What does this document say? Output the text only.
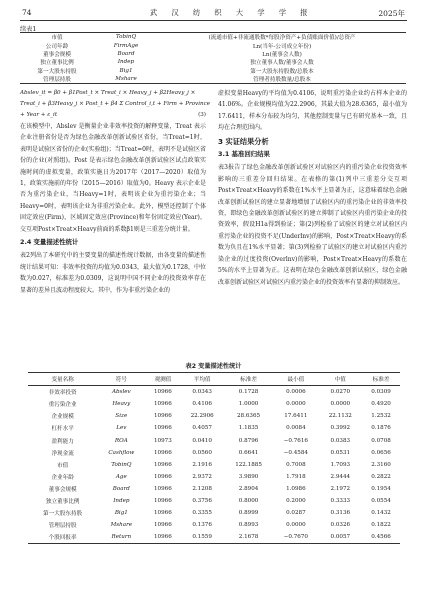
74	武 汉 纺 织 大 学 学 报	2025年
续表1
市值	TobinQ	(流通市值+非流通股数*每股净资产+负债账面价值)/总资产
公司年龄	FirmAge	Ln(当年-公司成立年份)
董事会规模	Board	Ln(董事会人数)
独立董事比例	Indep	独立董事人数/董事会人数
第一大股东持股	Big1	第一大股东持股数/总股本
管理层持股	Mshare	管理者持股数量/总股本
Abslev_it = β0 + β1Post_t × Treat_i × Heavy_j + β2Heavy_j ×
Treat_i + β3Heavy_j × Post_t + β4 Σ Control_i,t + Firm + Province
+ Year + ε_it	(3)

在该模型中，Abslev 是衡量企业非效率投资的解释变量，Treat 表示企业注册省份是否为绿色金融改革创新试验区省份，当Treat=1时，表明是试验区省份的企业(实验组)；当Treat=0时，表明不是试验区省份的企业(对照组)。Post 是表示绿色金融改革创新试验区试点政策实施时间的虚拟变量，政策实施日为2017年（2017—2020）取值为1，政策实施前的年份（2015—2016）取值为0。Heavy 表示企业是否为重污染企业，当Heavy=1时，表明该企业为重污染企业；当Heavy=0时，表明该企业为非重污染企业。此外，模型还控制了个体固定效应(Firm)，区域固定效应(Province)和年份固定效应(Year)，交互项Post×Treat×Heavy前面的系数β1则是三重差分统计量。

2.4 变量描述性统计

表2列出了本研究中的主要变量的描述性统计数据，由各变量的描述性统计结果可知：非效率投资的均值为0.0343，最大值为0.1728，中位数为0.027，标准差为0.0309，这说明中国不同企业的投资效率存在显著的差异且波动程度较大。其中，作为非重污染企业的

虚拟变量Heavy的平均值为0.4106，说明重污染企业约占样本企业的41.06%。企业规模均值为22.2906，其最大值为28.6365，最小值为17.6411，样本分布较为均匀，其他控制变量与已有研究基本一致，且均在合理范围内。

3 实证结果分析
3.1 基准回归结果

表3报告了绿色金融改革创新试验区对试验区内的重污染企业投资效率影响的三重差分回归结果。在表格的第(1)列中三重差分交互项Post×Treat×Heavy的系数在1%水平上显著为正，这意味着绿色金融改革创新试验区的建立显著地增加了试验区内的重污染企业的非效率投资，即绿色金融改革创新试验区的建立抑制了试验区内重污染企业的投资效率，假设H1a得到验证；第(2)列检验了试验区的建立对试验区内重污染企业的投资不足(Underlnv)的影响，Post×Treat×Heavy的系数为负且在1%水平显著；第(3)列检验了试验区的建立对试验区内重污染企业的过度投资(Overlnv)的影响，Post×Treat×Heavy的系数在5%的水平上显著为正。这表明在绿色金融改革创新试验区，绿色金融改革创新试验区对试验区内重污染企业的投资效率有显著的抑制效应。

表2 变量描述性统计
变量名称	符号	观测值	平均值	标准差	最小值	中值	标准差
非效率投资	Abslev	10966	0.0343	0.1728	0.0006	0.0270	0.0309
重污染企业	Heavy	10966	0.4106	1.0000	0.0000	0.0000	0.4920
企业规模	Size	10966	22.2906	28.6365	17.6411	22.1132	1.2532
杠杆水平	Lev	10966	0.4057	1.1835	0.0084	0.3992	0.1876
盈利能力	ROA	10973	0.0410	0.8796	−0.7616	0.0383	0.0708
净现金流	Cashflow	10966	0.0560	0.6641	−0.4584	0.0531	0.0656
市值	TobinQ	10966	2.1916	122.1885	0.7008	1.7093	2.3160
企业年龄	Age	10966	2.9372	3.9890	1.7918	2.9444	0.2822
董事会规模	Board	10966	2.1208	2.8904	1.0986	2.1972	0.1954
独立董事比例	Indep	10966	0.3756	0.8000	0.2000	0.3333	0.0554
第一大股东持股	Big1	10966	0.3355	0.8999	0.0287	0.3136	0.1432
管理层持股	Mshare	10966	0.1376	0.8993	0.0000	0.0326	0.1822
个股回报率	Return	10966	0.1559	2.1678	−0.7670	0.0057	0.4566
